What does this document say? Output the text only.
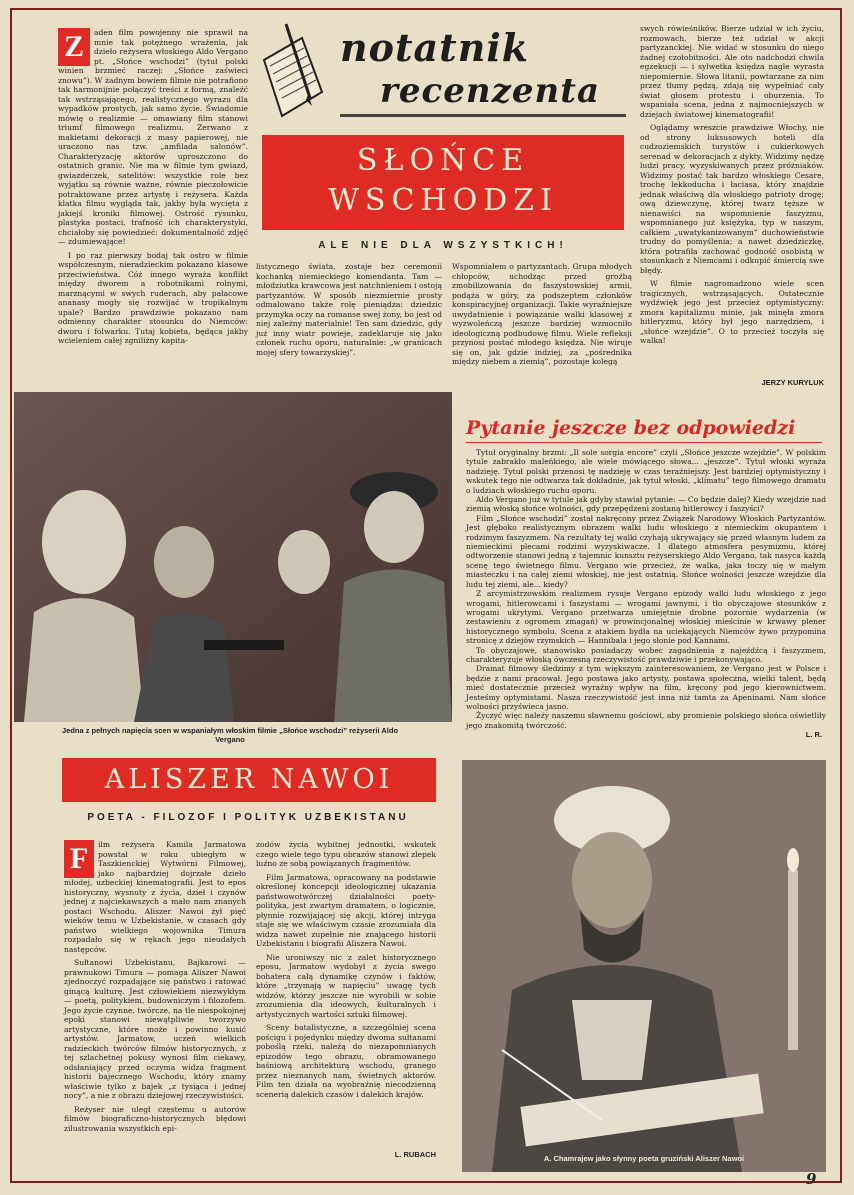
notatnik
recenzenta
SŁOŃCE
WSCHODZI
ALE NIE DLA WSZYSTKICH!
Z	aden film powojenny nie sprawił na mnie tak potężnego wrażenia, jak dzieło reżysera włoskiego Aldo Vergano pt. „Słońce wschodzi” (tytuł polski winien brzmieć raczej: „Słońce zaświeci znowu”). W żadnym bowiem filmie nie potrafiono tak harmonijnie połączyć treści z formą, znaleźć tak wstrząsającego, realistycznego wyrazu dla wypadków prostych, jak samo życie. Świadomie mówię o realizmie — omawiany film stanowi triumf filmowego realizmu. Zerwano z makietami dekoracji z masy papierowej, nie uraczono nas tzw. „amfilada salonów”. Charakteryzację aktorów uproszczono do ostatnich granic. Nie ma w filmie tym gwiazd, gwiazdeczek, satelitów: wszystkie role bez wyjątku są równie ważne, równie pieczołowicie potraktowane przez artystę i reżysera. Każda klatka filmu wygląda tak, jakby była wycięta z jakiejś kroniki filmowej. Ostrość rysunku, plastyka postaci, trafność ich charakterystyki, chciałoby się powiedzieć: dokumentalność zdjęć — zdumiewające!
I po raz pierwszy bodaj tak ostro w filmie współczesnym, nieradzieckim pokazano klasowe przeciwieństwa. Cóż innego wyraża konflikt między dworem a robotnikami rolnymi, marznącymi w swych ruderach, aby pałacowe ananasy mogły się rozwijać w tropikalnym upale? Bardzo prawdziwie pokazano nam odmienny charakter stosunku do Niemców: dworu i folwarku. Tutaj kobieta, będąca jakby wcieleniem całej zgniliżny kapita-
listycznego świata, zostaje bez ceremonii kochanką niemieckiego komendanta. Tam — młodziutka krawcowa jest natchnieniem i ostoją partyzantów. W sposób niezmiernie prosty odmalowano także rolę pieniądza: dziedzic przymyka oczy na romanse swej żony, bo jest od niej zależny materialnie! Ten sam dziedzic, gdy już inny wiatr powieje, zadeklaruje się jako członek ruchu oporu, naturalnie: „w granicach mojej sfery towarzyskiej”.
Wspomniałem o partyzantach. Grupa młodych chłopców, uchodząc przed groźbą zmobilizowania do faszystowskiej armii, podąża w góry, za podszeptem członków konspiracyjnej organizacji. Takie wyraźniejsze uwydatnienie i powiązanie walki klasowej z wyzwoleńczą jeszcze bardziej wzmocniło ideologiczną podbudowę filmu. Wiele refleksji przynosi postać młodego księdza. Nie wiruje się on, jak gdzie indziej, za „pośrednika między niebem a ziemią”, pozostaje kolegą
swych rówieśników. Bierze udział w ich życiu, rozmowach, bierze też udział w akcji partyzanckiej. Nie widać w stosunku do niego żadnej czołobitności. Ale oto nadchodzi chwila egzekucji — i sylwetka księdza nagle wyrasta niepomiernie. Słowa litanii, powtarzane za nim przez tłumy pędzą, zdają się wypełniać cały świat głosem protestu i oburzenia. To wspaniała scena, jedna z najmocniejszych w dziejach światowej kinematografii!
Oglądamy wreszcie prawdziwe Włochy, nie od strony luksusowych hoteli dla cudzoziemskich turystów i cukierkowych serenad w dekoracjach z dykty. Widzimy nędzę ludzi pracy, wyzyskiwanych przez próżniaków. Widzimy postać tak bardzo włoskiego Cesare, trochę lekkoducha i łaciasa, który znajdzie jednak właściwą dla włoskiego patrioty drogę; ową dziewczynę, której twarz tęższe w nienawiści na wspomnienie faszyzmu, wspomnianego już księżyka, typ w naszym, całkiem „uwatykanizowanym” duchowieństwie trudny do pomyślenia; a nawet dziedziczkę, która potrafiła zachować godność osobistą w stosunkach z Niemcami i odkupić śmiercią swe błędy.
W filmie nagromadzono wiele scen tragicznych, wstrząsających. Ostatecznie wydźwięk jego jest przecież optymistyczny: zmora kapitalizmu minie, jak minęła zmora hitleryzmu, który był jego narzędziem, i „słońce wzejdzie”. O to przecież toczyła się walka!
JERZY KURYLUK
Jedna z pełnych napięcia scen w wspaniałym włoskim filmie „Słońce wschodzi” reżyserii Aldo Vergano
Pytanie jeszcze bez odpowiedzi
Tytuł oryginalny brzmi: „Il sole sorgia encore” czyli „Słońce jeszcze wzejdzie”. W polskim tytule zabrakło maleńkiego, ale wiele mówiącego słowa... „jeszcze”. Tytuł włoski wyraża nadzieję. Tytuł polski przenosi tę nadzieję w czas teraźniejszy. Jest bardziej optymistyczny i wskutek tego nie odtwarza tak dokładnie, jak tytuł włoski, „klimatu” tego filmowego dramatu o ludziach włoskiego ruchu oporu.
Aldo Vergano już w tytule jak gdyby stawiał pytanie: — Co będzie dalej? Kiedy wzejdzie nad ziemią włoską słońce wolności, gdy przepędzeni zostaną hitlerowcy i faszyści?
Film „Słońce wschodzi” został nakręcony przez Związek Narodowy Włoskich Partyzantów. Jest głęboko realistycznym obrazem walki ludu włoskiego z niemieckim okupantem i rodzimym faszyzmem. Na rezultaty tej walki czyhają ukrywający się przed własnym ludem za niemieckimi plecami rodzimi wyzyskiwacze. I dlatego atmosfera pesymizmu, której odtworzenie stanowi jedną z tajemnic kunsztu reżyserskiego Aldo Vergano, tak nasyca każdą scenę tego świetnego filmu. Vergano wie przecież, że walka, jaka toczy się w małym miasteczku i na całej ziemi włoskiej, nie jest ostatnią. Słońce wolności jeszcze wzejdzie dla ludu tej ziemi, ale... kiedy?
Z arcymistrzowskim realizmem rysuje Vergano epizody walki ludu włoskiego z jego wrogami, hitlerowcami i faszystami — wrogami jawnymi, i tło obyczajowe stosunków z wrogami ukrytymi. Vergano przetwarza umiejętnie drobne pozornie wydarzenia (w zestawieniu z ogromem zmagań) w prowincjonalnej włoskiej mieścinie w krwawy plener historycznego symbolu. Scena z atakiem bydła na uciekających Niemców żywo przypomina stronicę z dziejów rzymskich — Hannibala i jego słonie pod Kannami.
To obyczajowe, stanowisko posiadaczy wobec zagadnienia z najeźdźcą i faszyzmem, charakteryzuje włoską ówczesną rzeczywistość prawdziwie i przekonywająco.
Dramat filmowy śledzimy z tym większym zainteresowaniem, że Vergano jest w Polsce i będzie z nami pracował. Jego postawa jako artysty, postawa społeczna, wielki talent, będą mieć dostatecznie przecież wyraźny wpływ na film, kręcony pod jego kierownictwem. Jesteśmy optymistami. Nasza rzeczywistość jest inna niż tamta za Apeninami. Nam słońce wolności przyświeca jasno.
Życzyć więc należy naszemu sławnemu gościowi, aby promienie polskiego słońca oświetliły jego znakomitą twórczość.
L. R.
ALISZER NAWOI
POETA - FILOZOF I POLITYK UZBEKISTANU
F	ilm reżysera Kamila Jarmatowa powstał w roku ubiegłym w Taszkienckiej Wytwórni Filmowej, jako najbardziej dojrzałe dzieło młodej, uzbeckiej kinematografii. Jest to epos historyczny, wysnuty z życia, dzieł i czynów jednej z najciekawszych a mało nam znanych postaci Wschodu. Aliszer Nawoi żył pięć wieków temu w Uzbekistanie, w czasach gdy państwo wielkiego wojownika Timura rozpadało się w rękach jego nieudałych następców.
Sułtanowi Uzbekistanu, Bajkarowi — prawnukowi Timura — pomaga Aliszer Nawoi zjednoczyć rozpadające się państwo i ratować ginącą kulturę. Jest człowiekiem niezwykłym — poetą, politykiem, budowniczym i filozofem. Jego życie czynne, twórcze, na tle niespokojnej epoki stanowi niewątpliwie tworzywo artystyczne, które może i powinno kusić artystów. Jarmatow, uczeń wielkich radzieckich twórców filmów historycznych, z tej szlachetnej pokusy wynosi film ciekawy, odsłaniający przed oczyma widza fragment historii bajecznego Wschodu, który znamy właściwie tylko z bajek „z tysiąca i jednej nocy”, a nie z obrazu dziejowej rzeczywistości.
Reżyser nie uległ częstemu u autorów filmów biograficzno-historycznych błędowi zilustrowania wszystkich epi-
zodów życia wybitnej jednostki, wskutek czego wiele tego typu obrazów stanowi zlepek luźno ze sobą powiązanych fragmentów.
Film Jarmatowa, opracowany na podstawie określonej koncepcji ideologicznej ukazania państwowotwórczej działalności poety-polityka, jest zwartym dramatem, o logicznie, płynnie rozwijającej się akcji, której intryga staje się we właściwym czasie zrozumiała dla widza nawet zupełnie nie znającego historii Uzbekistanu i biografii Aliszera Nawoi.
Nie uroniwszy nic z zalet historycznego eposu, Jarmatow wydobył z życia swego bohatera całą dynamikę czynów i faktów, które „trzymają w napięciu” uwagę tych widzów, którzy jeszcze nie wyrobili w sobie zrozumienia dla ideowych, kulturalnych i artystycznych wartości sztuki filmowej.
Sceny batalistyczne, a szczególniej scena pościgu i pojedynku między dwoma sułtanami poboślą rzeki, należą do niezapomnianych epizodów tego obrazu, obramowanego baśniową architekturą wschodu, granego przez nieznanych nam, świetnych aktorów. Film ten działa na wyobraźnię niecodzienną scenerią dalekich czasów i dalekich krajów.
L. RUBACH	A. Chamrajew jako słynny poeta gruziński Aliszer Nawoi
9
